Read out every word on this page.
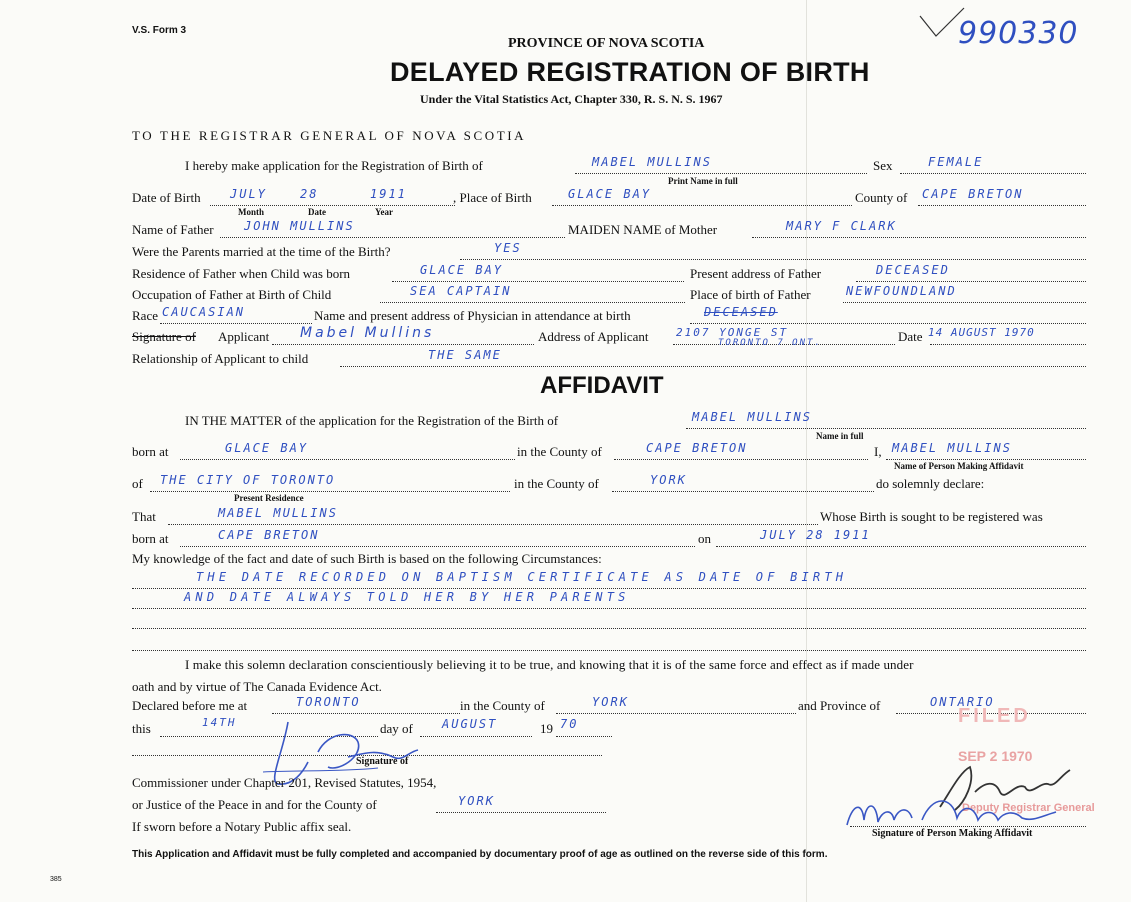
V.S. Form 3	990330
PROVINCE OF NOVA SCOTIA
DELAYED REGISTRATION OF BIRTH
Under the Vital Statistics Act, Chapter 330, R. S. N. S. 1967
TO THE REGISTRAR GENERAL OF NOVA SCOTIA
I hereby make application for the Registration of Birth of	MABEL MULLINS
Print Name in full
Sex	FEMALE
Date of Birth JULY	28	1911
Month	Date	Year
, Place of Birth	GLACE BAY	County of CAPE BRETON
Name of Father	JOHN MULLINS	MAIDEN NAME of Mother	MARY F CLARK
Were the Parents married at the time of the Birth?	YES
Residence of Father when Child was born	GLACE BAY	Present address of Father	DECEASED
Occupation of Father at Birth of Child	SEA CAPTAIN	Place of birth of Father	NEWFOUNDLAND
Race CAUCASIAN	Name and present address of Physician in attendance at birth	DECEASED
Signature of Applicant Mabel Mullins	Address of Applicant	2107 YONGE ST
TORONTO 7 ONT.	Date 14 AUGUST 1970
Relationship of Applicant to child	THE SAME
AFFIDAVIT
IN THE MATTER of the application for the Registration of the Birth of	MABEL MULLINS
Name in full
born at	GLACE BAY	in the County of	CAPE BRETON	I, MABEL MULLINS
Name of Person Making Affidavit
of THE CITY OF TORONTO
Present Residence
in the County of	YORK	do solemnly declare:
That	MABEL MULLINS	Whose Birth is sought to be registered was
born at	CAPE BRETON	on	JULY 28 1911
My knowledge of the fact and date of such Birth is based on the following Circumstances:
THE DATE RECORDED ON BAPTISM CERTIFICATE AS DATE OF BIRTH
AND DATE ALWAYS TOLD HER BY HER PARENTS
I make this solemn declaration conscientiously believing it to be true, and knowing that it is of the same force and effect as if made under
oath and by virtue of The Canada Evidence Act.
Declared before me at	TORONTO	in the County of	YORK	and Province of	ONTARIO
this	14TH	day of AUGUST	19 70
Signature of
Commissioner under Chapter 201, Revised Statutes, 1954,
or Justice of the Peace in and for the County of	YORK
If sworn before a Notary Public affix seal.
FILED
SEP 2 1970
Deputy Registrar General
Signature of Person Making Affidavit
This Application and Affidavit must be fully completed and accompanied by documentary proof of age as outlined on the reverse side of this form.
385
